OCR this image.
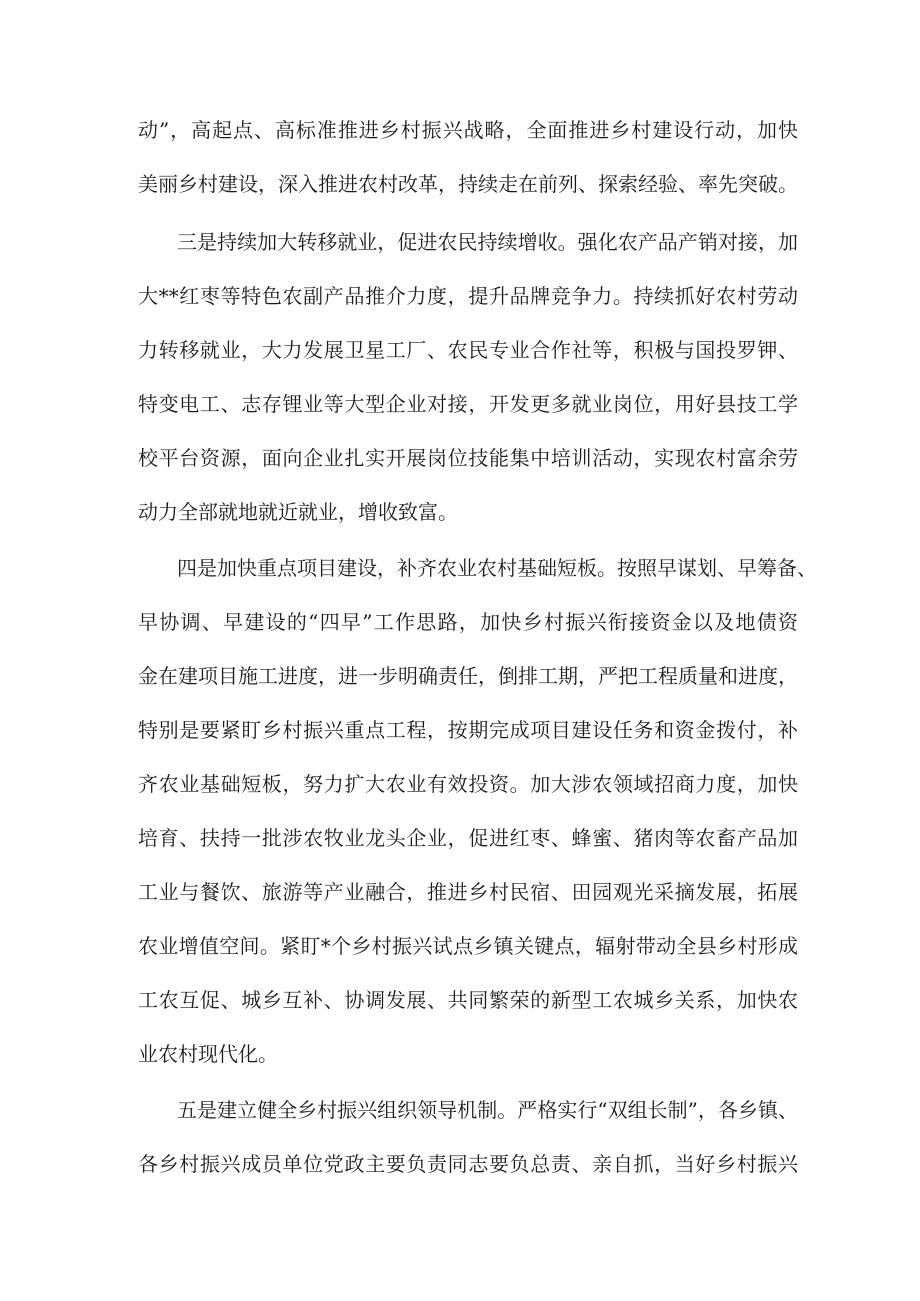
动”，高起点、高标准推进乡村振兴战略，全面推进乡村建设行动，加快
美丽乡村建设，深入推进农村改革，持续走在前列、探索经验、率先突破。
三是持续加大转移就业，促进农民持续增收。强化农产品产销对接，加
大**红枣等特色农副产品推介力度，提升品牌竞争力。持续抓好农村劳动
力转移就业，大力发展卫星工厂、农民专业合作社等，积极与国投罗钾、
特变电工、志存锂业等大型企业对接，开发更多就业岗位，用好县技工学
校平台资源，面向企业扎实开展岗位技能集中培训活动，实现农村富余劳
动力全部就地就近就业，增收致富。
四是加快重点项目建设，补齐农业农村基础短板。按照早谋划、早筹备、
早协调、早建设的“四早”工作思路，加快乡村振兴衔接资金以及地债资
金在建项目施工进度，进一步明确责任，倒排工期，严把工程质量和进度，
特别是要紧盯乡村振兴重点工程，按期完成项目建设任务和资金拨付，补
齐农业基础短板，努力扩大农业有效投资。加大涉农领域招商力度，加快
培育、扶持一批涉农牧业龙头企业，促进红枣、蜂蜜、猪肉等农畜产品加
工业与餐饮、旅游等产业融合，推进乡村民宿、田园观光采摘发展，拓展
农业增值空间。紧盯*个乡村振兴试点乡镇关键点，辐射带动全县乡村形成
工农互促、城乡互补、协调发展、共同繁荣的新型工农城乡关系，加快农
业农村现代化。
五是建立健全乡村振兴组织领导机制。严格实行“双组长制”，各乡镇、
各乡村振兴成员单位党政主要负责同志要负总责、亲自抓，当好乡村振兴
